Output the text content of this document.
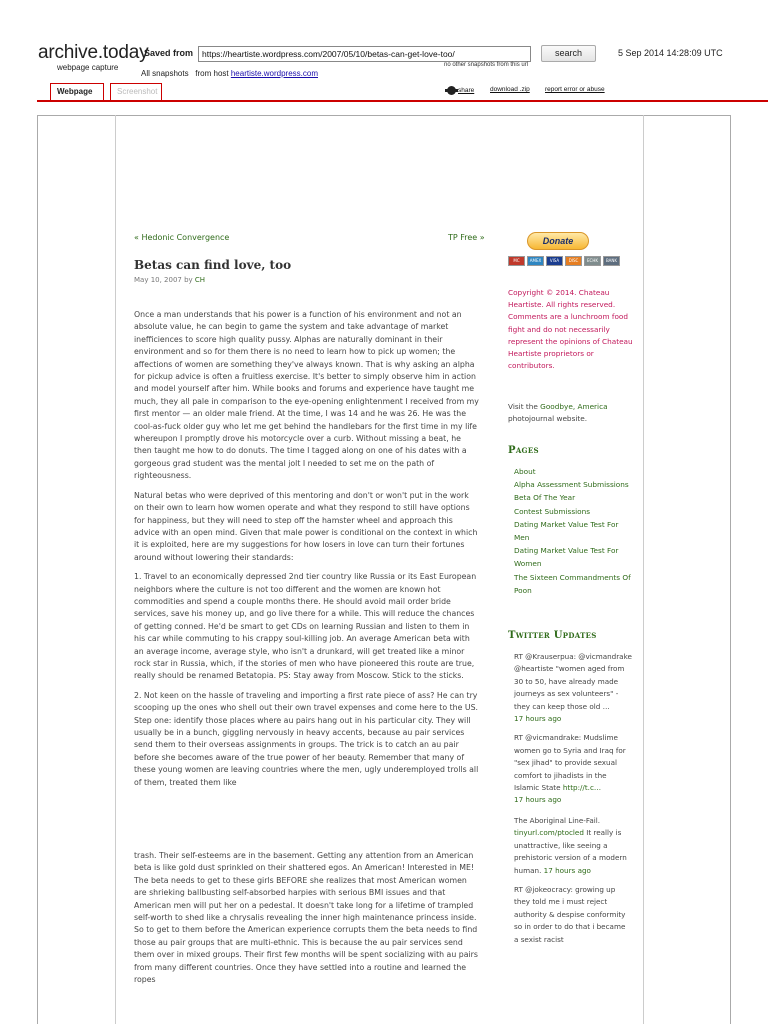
archive.today
webpage capture
Saved from	https://heartiste.wordpress.com/2007/05/10/betas-can-get-love-too/	search	5 Sep 2014 14:28:09 UTC
no other snapshots from this url
All snapshots from host heartiste.wordpress.com
Webpage	Screenshot	share download .zip report error or abuse
« Hedonic Convergence	TP Free »
Betas can find love, too
May 10, 2007 by CH

Once a man understands that his power is a function of his environment and not an absolute value, he can begin to game the system and take advantage of market inefficiences to score high quality pussy. Alphas are naturally dominant in their environment and so for them there is no need to learn how to pick up women; the affections of women are something they've always known. That is why asking an alpha for pickup advice is often a fruitless exercise. It's better to simply observe him in action and model yourself after him. While books and forums and experience have taught me much, they all pale in comparison to the eye-opening enlightenment I received from my first mentor — an older male friend. At the time, I was 14 and he was 26. He was the cool-as-fuck older guy who let me get behind the handlebars for the first time in my life whereupon I promptly drove his motorcycle over a curb. Without missing a beat, he then taught me how to do donuts. The time I tagged along on one of his dates with a gorgeous grad student was the mental jolt I needed to set me on the path of righteousness.

Natural betas who were deprived of this mentoring and don't or won't put in the work on their own to learn how women operate and what they respond to still have options for happiness, but they will need to step off the hamster wheel and approach this advice with an open mind. Given that male power is conditional on the context in which it is exploited, here are my suggestions for how losers in love can turn their fortunes around without lowering their standards:

1. Travel to an economically depressed 2nd tier country like Russia or its East European neighbors where the culture is not too different and the women are known hot commodities and spend a couple months there. He should avoid mail order bride services, save his money up, and go live there for a while. This will reduce the chances of getting conned. He'd be smart to get CDs on learning Russian and listen to them in his car while commuting to his crappy soul-killing job. An average American beta with an average income, average style, who isn't a drunkard, will get treated like a minor rock star in Russia, which, if the stories of men who have pioneered this route are true, really should be renamed Betatopia. PS: Stay away from Moscow. Stick to the sticks.

2. Not keen on the hassle of traveling and importing a first rate piece of ass? He can try scooping up the ones who shell out their own travel expenses and come here to the US. Step one: identify those places where au pairs hang out in his particular city. They will usually be in a bunch, giggling nervously in heavy accents, because au pair services send them to their overseas assignments in groups. The trick is to catch an au pair before she becomes aware of the true power of her beauty. Remember that many of these young women are leaving countries where the men, ugly underemployed trolls all of them, treated them like

trash. Their self-esteems are in the basement. Getting any attention from an American beta is like gold dust sprinkled on their shattered egos. An American! Interested in ME! The beta needs to get to these girls BEFORE she realizes that most American women are shrieking ballbusting self-absorbed harpies with serious BMI issues and that American men will put her on a pedestal. It doesn't take long for a lifetime of trampled self-worth to shed like a chrysalis revealing the inner high maintenance princess inside. So to get to them before the American experience corrupts them the beta needs to find those au pair groups that are multi-ethnic. This is because the au pair services send them over in mixed groups. Their first few months will be spent socializing with au pairs from many different countries. Once they have settled into a routine and learned the ropes
Donate
MC	AMEX	VISA	DISC	ECHK	BANK
Copyright © 2014. Chateau Heartiste. All rights reserved. Comments are a lunchroom food fight and do not necessarily represent the opinions of Chateau Heartiste proprietors or contributors.
Visit the Goodbye, America photojournal website.
Pages
About
Alpha Assessment Submissions
Beta Of The Year
Contest Submissions
Dating Market Value Test For Men
Dating Market Value Test For Women
The Sixteen Commandments Of Poon
Twitter Updates
RT @Krauserpua: @vicmandrake @heartiste "women aged from 30 to 50, have already made journeys as sex volunteers" - they can keep those old …
17 hours ago
RT @vicmandrake: Mudslime women go to Syria and Iraq for "sex jihad" to provide sexual comfort to jihadists in the Islamic State http://t.c…
17 hours ago
The Aboriginal Line-Fail.
tinyurl.com/ptocled It really is unattractive, like seeing a prehistoric version of a modern human. 17 hours ago
RT @jokeocracy: growing up they told me i must reject authority & despise conformity so in order to do that i became a sexist racist
